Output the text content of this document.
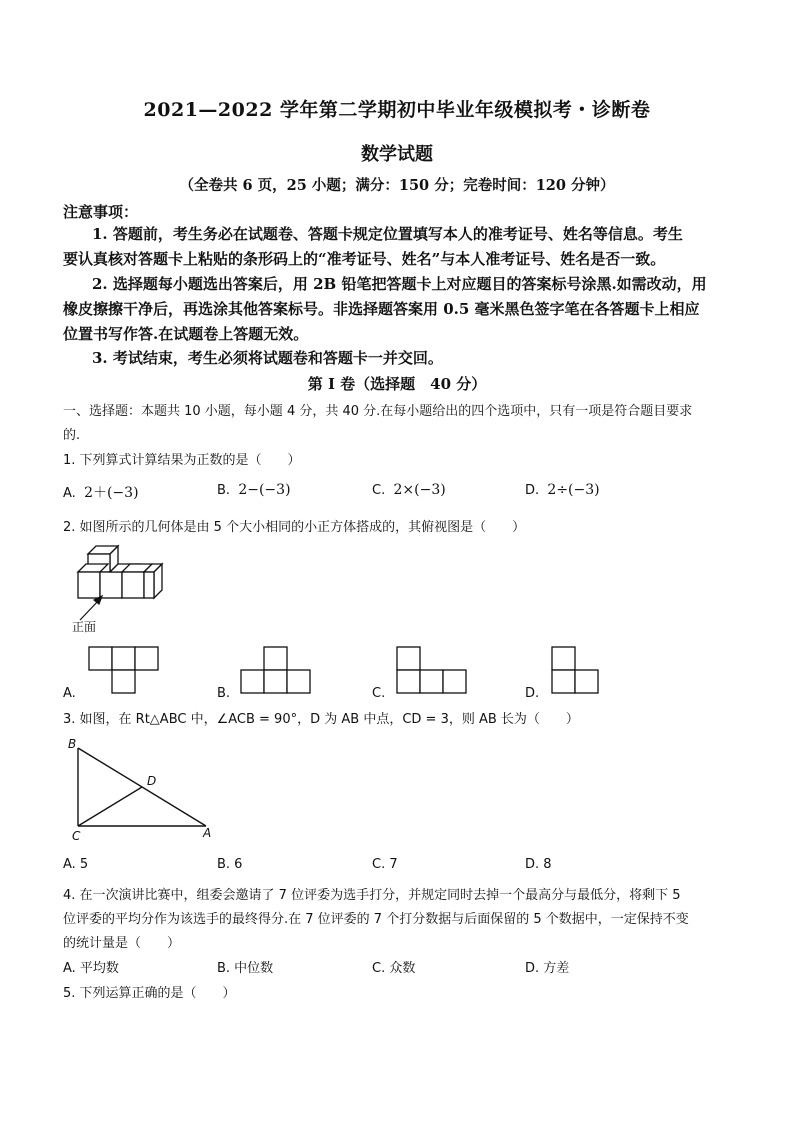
2021—2022 学年第二学期初中毕业年级模拟考・诊断卷
数学试题
（全卷共 6 页，25 小题；满分：150 分；完卷时间：120 分钟）
注意事项：
1. 答题前，考生务必在试题卷、答题卡规定位置填写本人的准考证号、姓名等信息。考生
要认真核对答题卡上粘贴的条形码上的“准考证号、姓名”与本人准考证号、姓名是否一致。
2. 选择题每小题选出答案后，用 2B 铅笔把答题卡上对应题目的答案标号涂黑.如需改动，用
橡皮擦擦干净后，再选涂其他答案标号。非选择题答案用 0.5 毫米黑色签字笔在各答题卡上相应
位置书写作答.在试题卷上答题无效。
3. 考试结束，考生必须将试题卷和答题卡一并交回。
第 I 卷（选择题　40 分）
一、选择题：本题共 10 小题，每小题 4 分，共 40 分.在每小题给出的四个选项中，只有一项是符合题目要求
的.
1. 下列算式计算结果为正数的是（　　）
A. 2＋(−3)	B. 2−(−3)	C. 2×(−3)	D. 2÷(−3)
2. 如图所示的几何体是由 5 个大小相同的小正方体搭成的，其俯视图是（　　）
正面
A.	B.	C.	D.
3. 如图，在 Rt△ABC 中，∠ACB = 90°，D 为 AB 中点，CD = 3，则 AB 长为（　　）
B
D
C	A
A. 5	B. 6	C. 7	D. 8
4. 在一次演讲比赛中，组委会邀请了 7 位评委为选手打分，并规定同时去掉一个最高分与最低分，将剩下 5
位评委的平均分作为该选手的最终得分.在 7 位评委的 7 个打分数据与后面保留的 5 个数据中，一定保持不变
的统计量是（　　）
A. 平均数	B. 中位数	C. 众数	D. 方差
5. 下列运算正确的是（　　）
